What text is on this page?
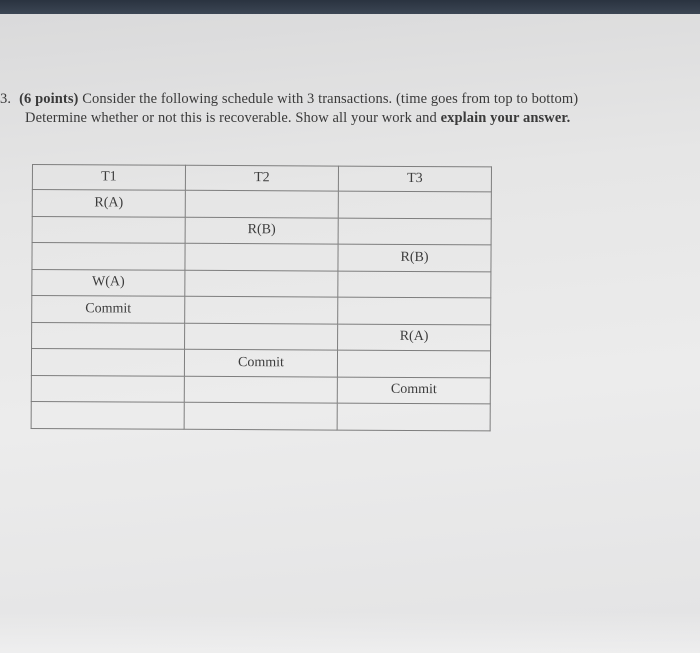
3. (6 points) Consider the following schedule with 3 transactions. (time goes from top to bottom)
Determine whether or not this is recoverable. Show all your work and explain your answer.
T1	T2	T3
R(A)		
	R(B)	
		R(B)
W(A)		
Commit		
		R(A)
	Commit	
		Commit
